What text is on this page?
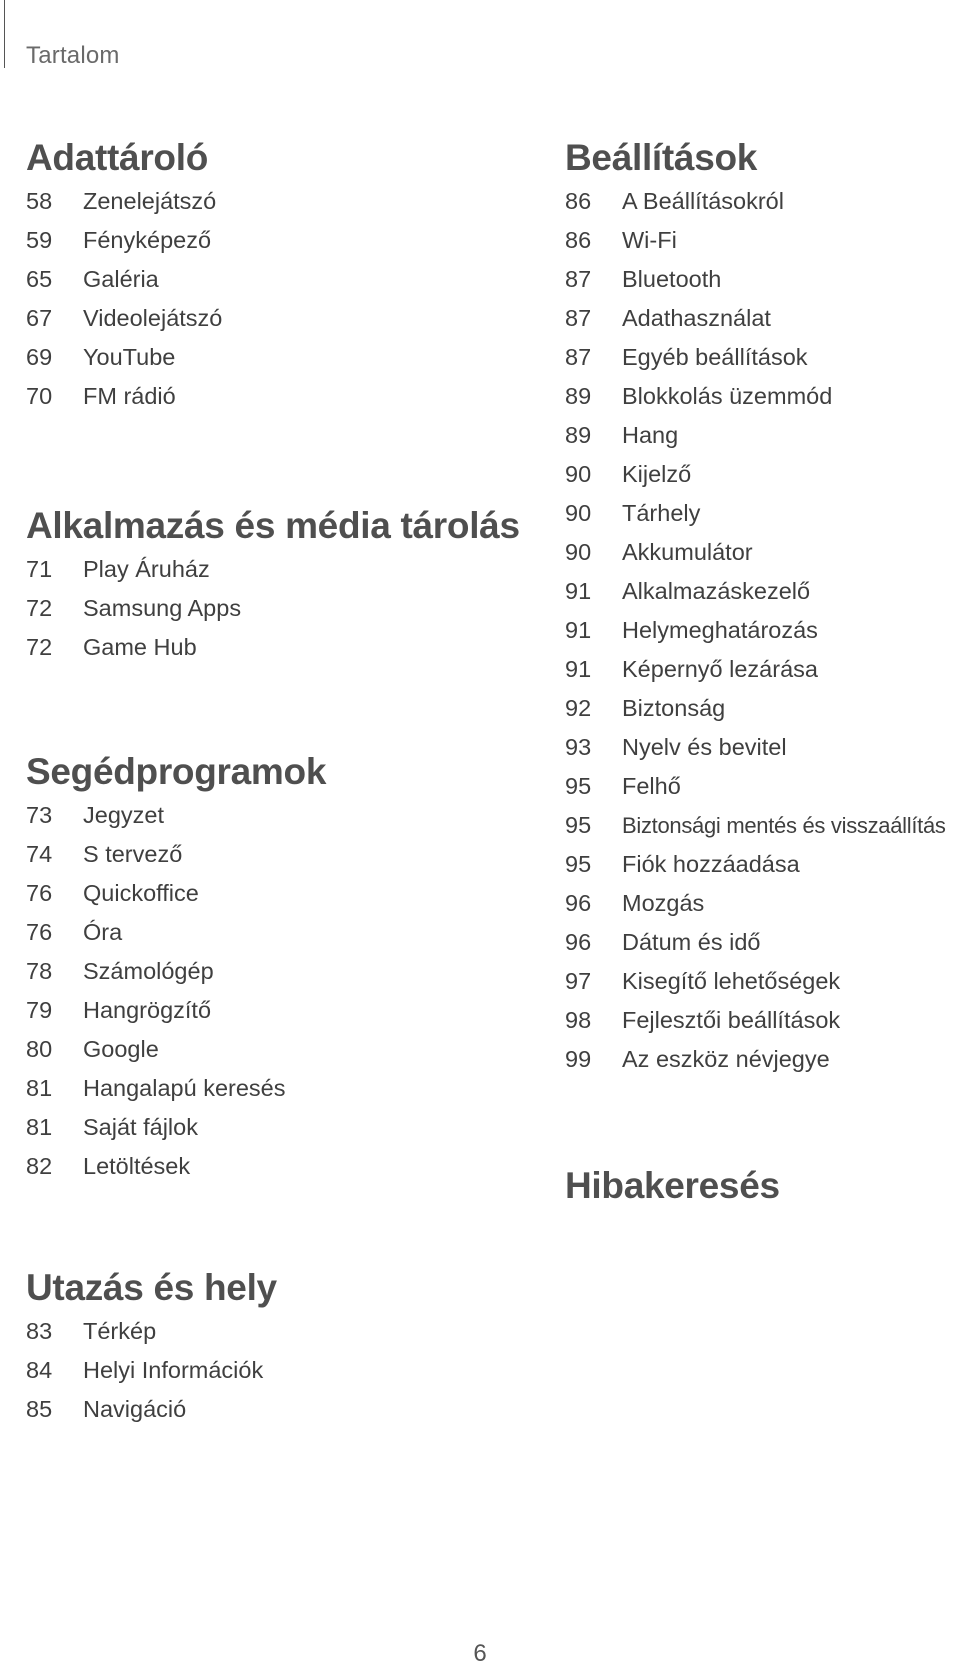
Tartalom
Adattároló
58	Zenelejátszó
59	Fényképező
65	Galéria
67	Videolejátszó
69	YouTube
70	FM rádió
Alkalmazás és média tárolás
71	Play Áruház
72	Samsung Apps
72	Game Hub
Segédprogramok
73	Jegyzet
74	S tervező
76	Quickoffice
76	Óra
78	Számológép
79	Hangrögzítő
80	Google
81	Hangalapú keresés
81	Saját fájlok
82	Letöltések
Utazás és hely
83	Térkép
84	Helyi Információk
85	Navigáció
Beállítások
86	A Beállításokról
86	Wi-Fi
87	Bluetooth
87	Adathasználat
87	Egyéb beállítások
89	Blokkolás üzemmód
89	Hang
90	Kijelző
90	Tárhely
90	Akkumulátor
91	Alkalmazáskezelő
91	Helymeghatározás
91	Képernyő lezárása
92	Biztonság
93	Nyelv és bevitel
95	Felhő
95	Biztonsági mentés és visszaállítás
95	Fiók hozzáadása
96	Mozgás
96	Dátum és idő
97	Kisegítő lehetőségek
98	Fejlesztői beállítások
99	Az eszköz névjegye
Hibakeresés
6
